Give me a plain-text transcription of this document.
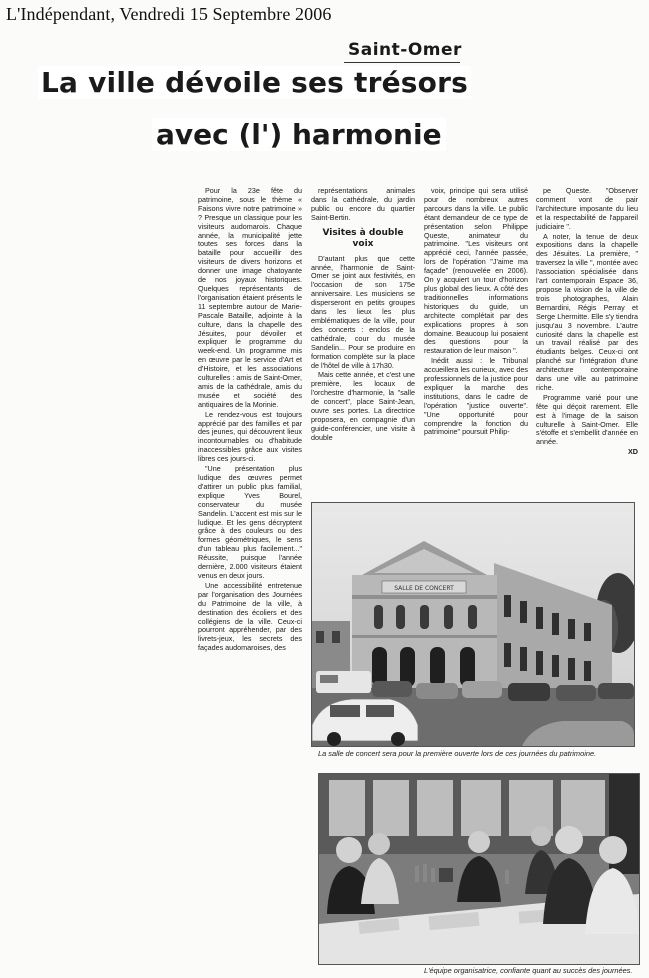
L'Indépendant, Vendredi 15 Septembre 2006
Saint-Omer
La ville dévoile ses trésors
avec (l') harmonie

Pour la 23e fête du patrimoine, sous le thème « Faisons vivre notre patrimoine » ? Presque un classique pour les visiteurs audomarois. Chaque année, la municipalité jette toutes ses forces dans la bataille pour accueillir des visiteurs de divers horizons et donner une image chatoyante de nos joyaux historiques. Quelques représentants de l'organisation étaient présents le 11 septembre autour de Marie-Pascale Bataille, adjointe à la culture, dans la chapelle des Jésuites, pour dévoiler et expliquer le programme du week-end. Un programme mis en œuvre par le service d'Art et d'Histoire, et les associations culturelles : amis de Saint-Omer, amis de la cathédrale, amis du musée et société des antiquaires de la Morinie.

Le rendez-vous est toujours apprécié par des familles et par des jeunes, qui découvrent lieux incontournables ou d'habitude inaccessibles grâce aux visites libres ces jours-ci.

"Une présentation plus ludique des œuvres permet d'attirer un public plus familial, explique Yves Bourel, conservateur du musée Sandelin. L'accent est mis sur le ludique. Et les gens décryptent grâce à des couleurs ou des formes géométriques, le sens d'un tableau plus facilement..." Réussite, puisque l'année dernière, 2.000 visiteurs étaient venus en deux jours.

Une accessibilité entretenue par l'organisation des Journées du Patrimoine de la ville, à destination des écoliers et des collégiens de la ville. Ceux-ci pourront appréhender, par des livrets-jeux, les secrets des façades audomaroises, des

représentations animales dans la cathédrale, du jardin public ou encore du quartier Saint-Bertin.

Visites à double voix

D'autant plus que cette année, l'harmonie de Saint-Omer se joint aux festivités, en l'occasion de son 175e anniversaire. Les musiciens se disperseront en petits groupes dans les lieux les plus emblématiques de la ville, pour des concerts : enclos de la cathédrale, cour du musée Sandelin... Pour se produire en formation complète sur la place de l'hôtel de ville à 17h30.

Mais cette année, et c'est une première, les locaux de l'orchestre d'harmonie, la "salle de concert", place Saint-Jean, ouvre ses portes. La directrice proposera, en compagnie d'un guide-conférencier, une visite à double

voix, principe qui sera utilisé pour de nombreux autres parcours dans la ville. Le public étant demandeur de ce type de présentation selon Philippe Queste, animateur du patrimoine. "Les visiteurs ont apprécié ceci, l'année passée, lors de l'opération "J'aime ma façade" (renouvelée en 2006). On y acquiert un tour d'horizon plus global des lieux. A côté des traditionnelles informations historiques du guide, un architecte complétait par des explications propres à son domaine. Beaucoup lui posaient des questions pour la restauration de leur maison ".

Inédit aussi : le Tribunal accueillera les curieux, avec des professionnels de la justice pour expliquer la marche des institutions, dans le cadre de l'opération "justice ouverte". "Une opportunité pour comprendre la fonction du patrimoine" poursuit Philip-

pe Queste. "Observer comment vont de pair l'architecture imposante du lieu et la respectabilité de l'appareil judiciaire ".

A noter, la tenue de deux expositions dans la chapelle des Jésuites. La première, " traversez la ville ", montée avec l'association spécialisée dans l'art contemporain Espace 36, propose la vision de la ville de trois photographes, Alain Bernardini, Régis Perray et Serge Lhermitte. Elle s'y tiendra jusqu'au 3 novembre. L'autre curiosité dans la chapelle est un travail réalisé par des étudiants belges. Ceux-ci ont planché sur l'intégration d'une architecture contemporaine dans une ville au patrimoine riche.

Programme varié pour une fête qui déçoit rarement. Elle est à l'image de la saison culturelle à Saint-Omer. Elle s'étoffe et s'embellit d'année en année.

XD

SALLE DE CONCERT
La salle de concert sera pour la première ouverte lors de ces journées du patrimoine.
L'équipe organisatrice, confiante quant au succès des journées.
